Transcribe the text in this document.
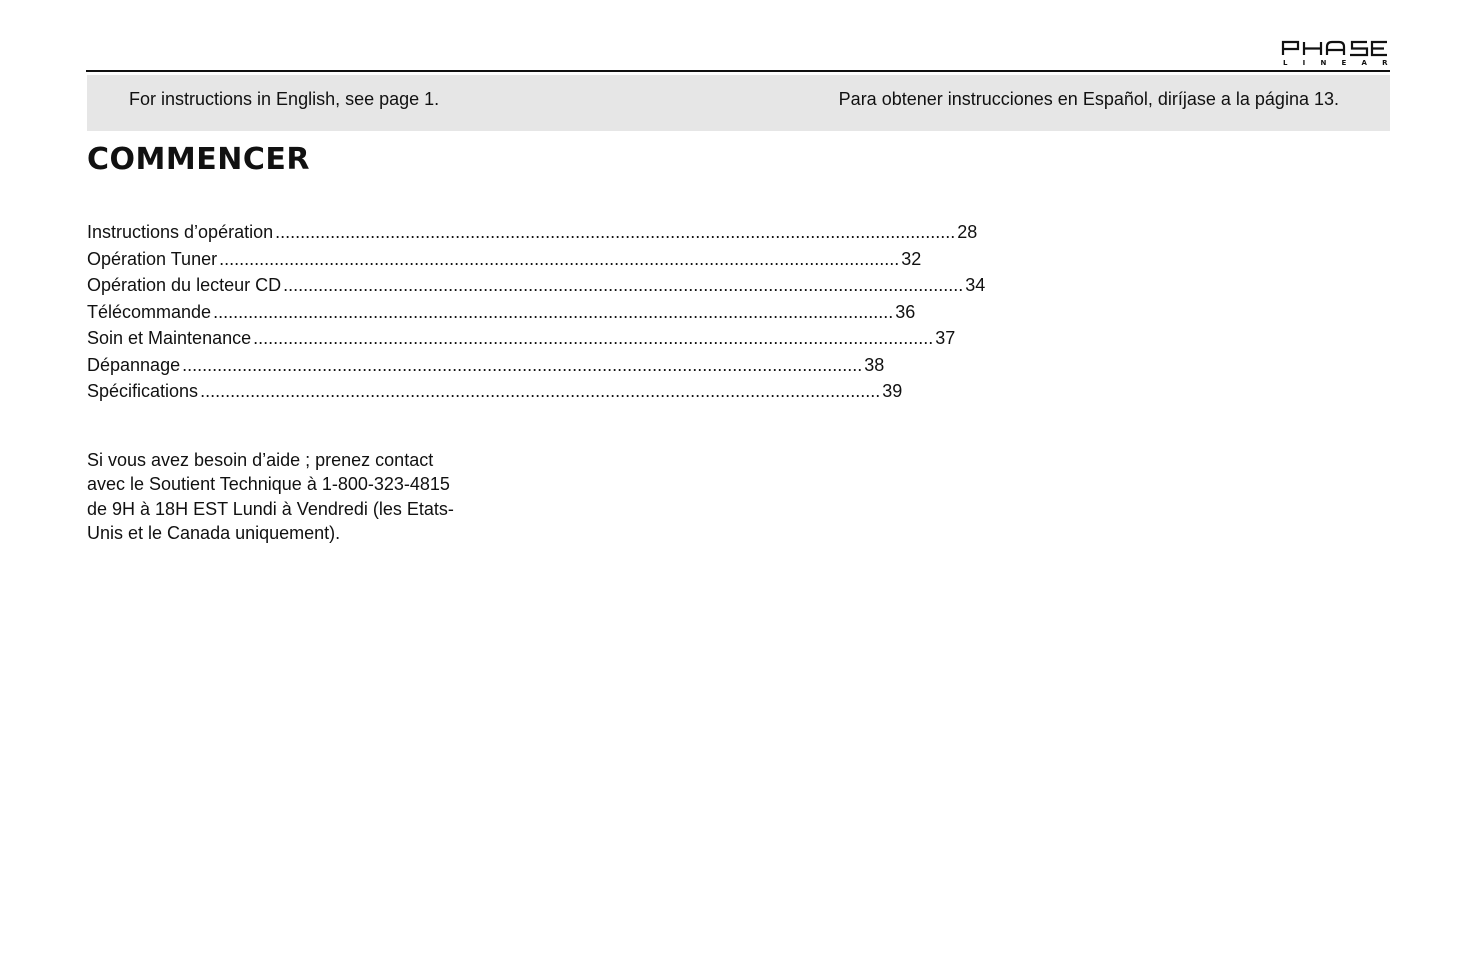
LINEAR
For instructions in English, see page 1.	Para obtener instrucciones en Español, diríjase a la página 13.
COMMENCER
Instructions d’opération .....	28
Opération Tuner .....	32
Opération du lecteur CD .....	34
Télécommande .....	36
Soin et Maintenance .....	37
Dépannage .....	38
Spécifications .....	39

Si vous avez besoin d’aide ; prenez contact
avec le Soutient Technique à 1-800-323-4815
de 9H à 18H EST Lundi à Vendredi (les Etats-
Unis et le Canada uniquement).
